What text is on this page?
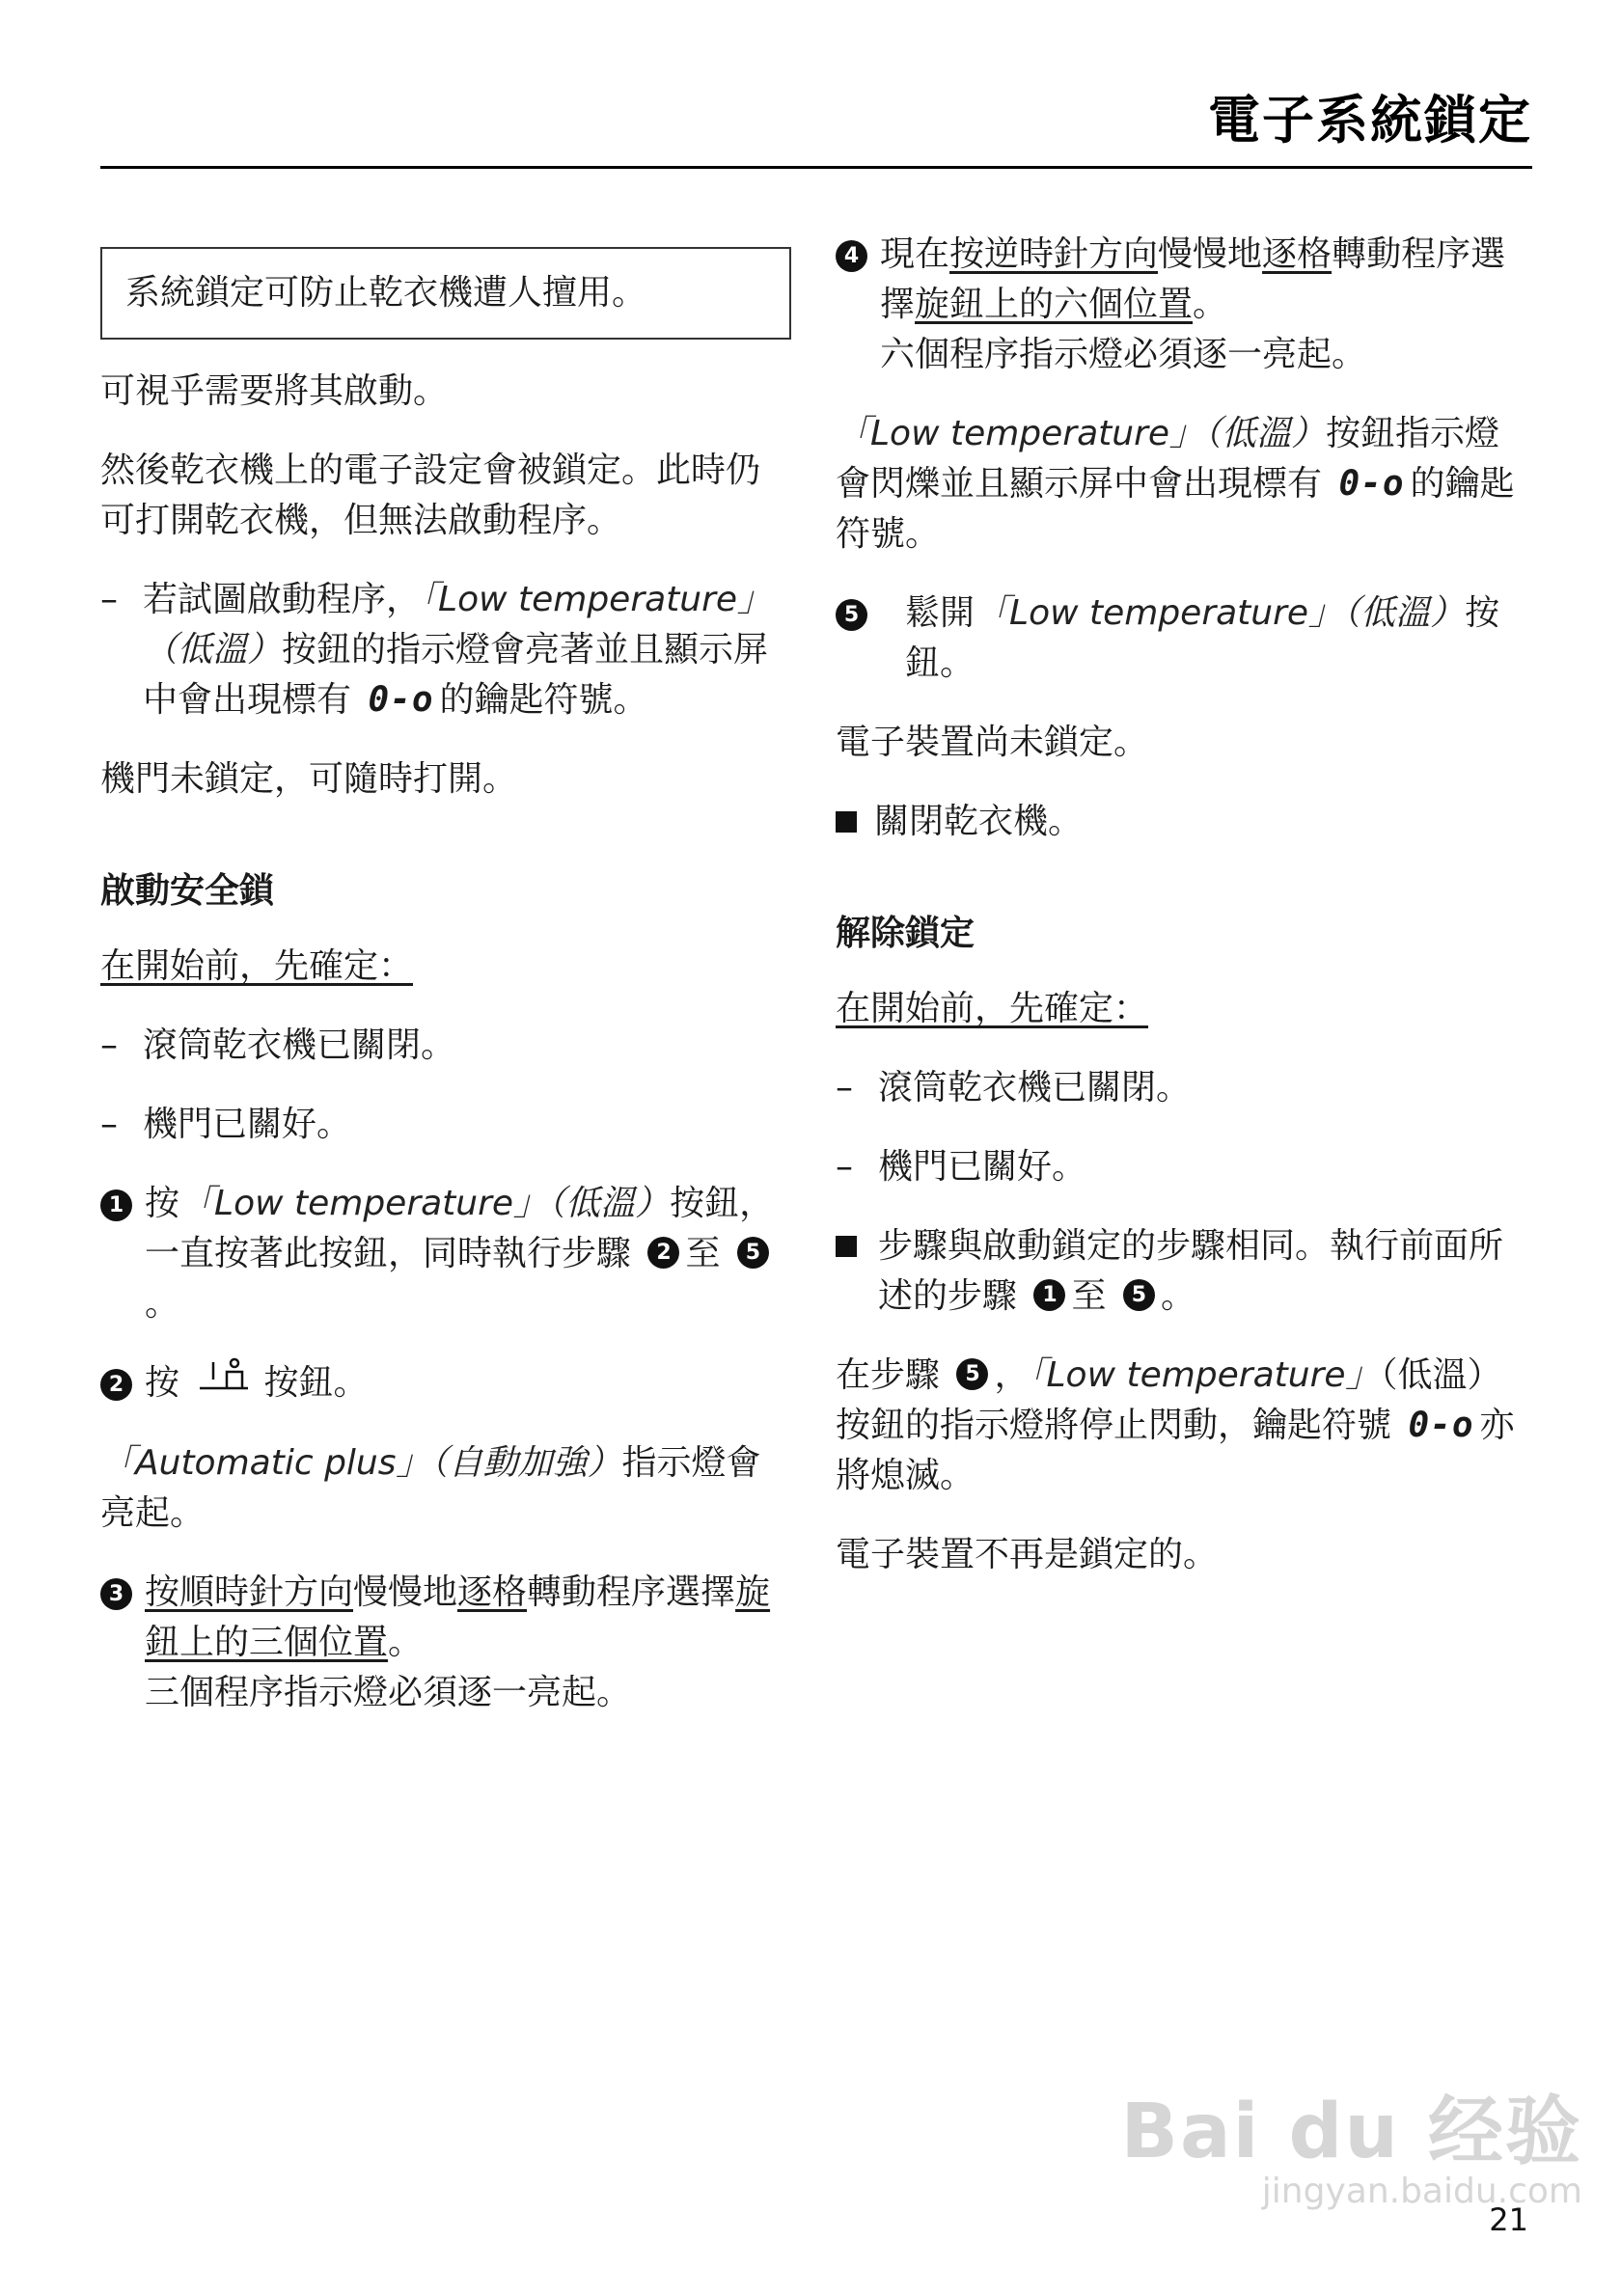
電子系統鎖定
系統鎖定可防止乾衣機遭人擅用。

可視乎需要將其啟動。

然後乾衣機上的電子設定會被鎖定。此時仍可打開乾衣機，但無法啟動程序。

– 若試圖啟動程序，「Low temperature」（低溫）按鈕的指示燈會亮著並且顯示屏中會出現標有 0-o 的鑰匙符號。

機門未鎖定，可隨時打開。

啟動安全鎖

在開始前，先確定：

– 滾筒乾衣機已關閉。

– 機門已關好。

1 按「Low temperature」（低溫）按鈕，一直按著此按鈕，同時執行步驟 2 至 5。

2 按 按鈕。

「Automatic plus」（自動加強）指示燈會亮起。

3 按順時針方向慢慢地逐格轉動程序選擇旋鈕上的三個位置。
三個程序指示燈必須逐一亮起。

4 現在按逆時針方向慢慢地逐格轉動程序選擇旋鈕上的六個位置。
六個程序指示燈必須逐一亮起。

「Low temperature」（低溫）按鈕指示燈會閃爍並且顯示屏中會出現標有 0-o 的鑰匙符號。

5 鬆開「Low temperature」（低溫）按鈕。

電子裝置尚未鎖定。

關閉乾衣機。

解除鎖定

在開始前，先確定：

– 滾筒乾衣機已關閉。

– 機門已關好。

步驟與啟動鎖定的步驟相同。執行前面所述的步驟 1 至 5 。

在步驟 5 ，「Low temperature」（低溫）按鈕的指示燈將停止閃動，鑰匙符號 0-o 亦將熄滅。

電子裝置不再是鎖定的。

Bai du 经验
jingyan.baidu.com
21
